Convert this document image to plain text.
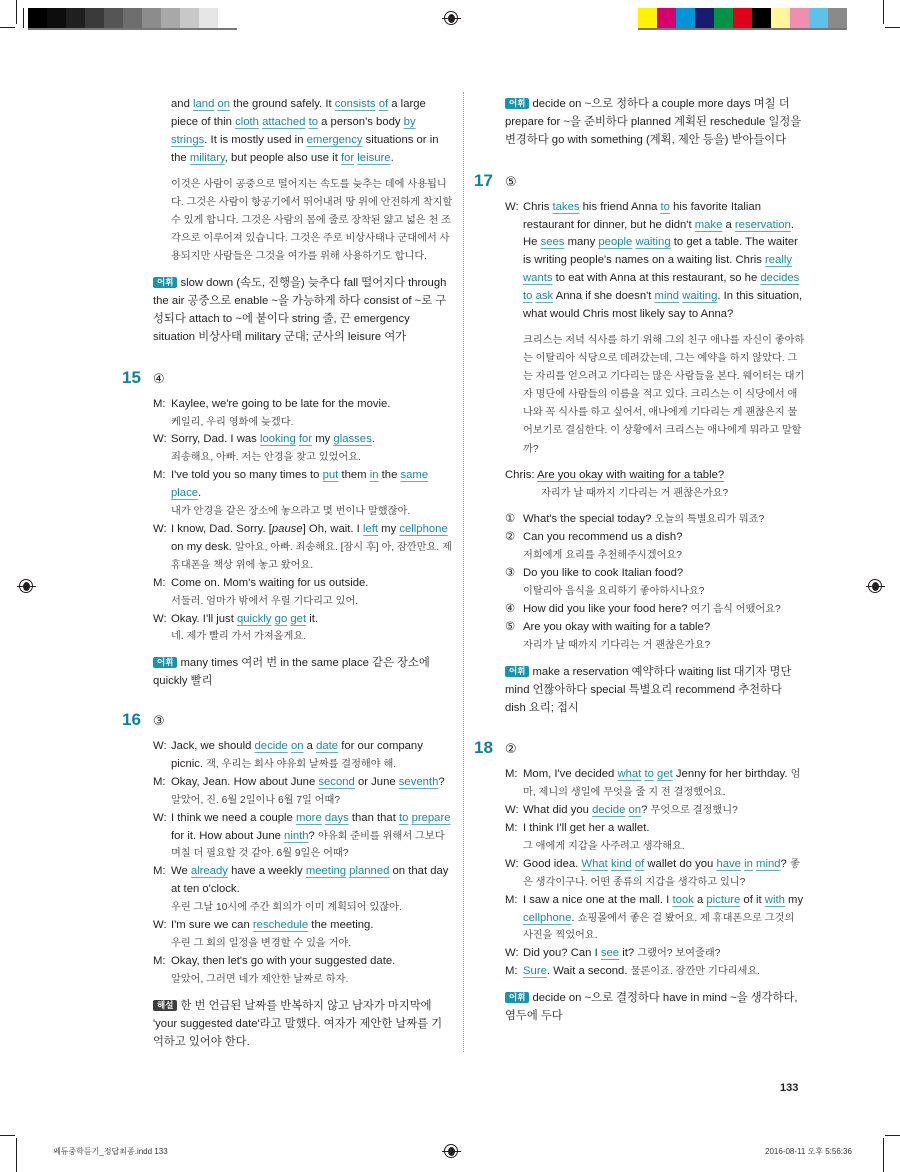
and land on the ground safely. It consists of a large piece of thin cloth attached to a person's body by strings. It is mostly used in emergency situations or in the military, but people also use it for leisure.
이것은 사람이 공중으로 떨어지는 속도를 늦추는 데에 사용됩니다. 그것은 사람이 항공기에서 뛰어내려 땅 위에 안전하게 착지할 수 있게 합니다. 그것은 사람의 몸에 줄로 장착된 얇고 넓은 천 조각으로 이루어져 있습니다. 그것은 주로 비상사태나 군대에서 사용되지만 사람들은 그것을 여가를 위해 사용하기도 합니다.
어휘 slow down (속도, 진행을) 늦추다 fall 떨어지다 through the air 공중으로 enable ~을 가능하게 하다 consist of ~로 구성되다 attach to ~에 붙이다 string 줄, 끈 emergency situation 비상사태 military 군대; 군사의 leisure 여가
15 ④
M: Kaylee, we're going to be late for the movie.
케일리, 우리 영화에 늦겠다.
W: Sorry, Dad. I was looking for my glasses.
죄송해요, 아빠. 저는 안경을 찾고 있었어요.
M: I've told you so many times to put them in the same place.
내가 안경을 같은 장소에 놓으라고 몇 번이나 말했잖아.
W: I know, Dad. Sorry. [pause] Oh, wait. I left my cellphone on my desk. 알아요, 아빠. 죄송해요. [잠시 후] 아, 잠깐만요. 제 휴대폰을 책상 위에 놓고 왔어요.
M: Come on. Mom's waiting for us outside.
서둘러. 엄마가 밖에서 우릴 기다리고 있어.
W: Okay. I'll just quickly go get it.
네. 제가 빨리 가서 가져올게요.
어휘 many times 여러 번 in the same place 같은 장소에 quickly 빨리
16 ③
W: Jack, we should decide on a date for our company picnic. 잭, 우리는 회사 야유회 날짜를 결정해야 해.
M: Okay, Jean. How about June second or June seventh? 알았어, 진. 6월 2일이나 6월 7일 어때?
W: I think we need a couple more days than that to prepare for it. How about June ninth? 야유회 준비를 위해서 그보다 며칠 더 필요할 것 같아. 6월 9일은 어때?
M: We already have a weekly meeting planned on that day at ten o'clock.
우린 그날 10시에 주간 회의가 이미 계획되어 있잖아.
W: I'm sure we can reschedule the meeting.
우린 그 회의 일정을 변경할 수 있을 거야.
M: Okay, then let's go with your suggested date.
알았어, 그러면 네가 제안한 날짜로 하자.
해설 한 번 언급된 날짜를 반복하지 않고 남자가 마지막에 'your suggested date'라고 말했다. 여자가 제안한 날짜를 기억하고 있어야 한다.
어휘 decide on ~으로 정하다 a couple more days 며칠 더 prepare for ~을 준비하다 planned 계획된 reschedule 일정을 변경하다 go with something (계획, 제안 등을) 받아들이다
17 ⑤
W: Chris takes his friend Anna to his favorite Italian restaurant for dinner, but he didn't make a reservation. He sees many people waiting to get a table. The waiter is writing people's names on a waiting list. Chris really wants to eat with Anna at this restaurant, so he decides to ask Anna if she doesn't mind waiting. In this situation, what would Chris most likely say to Anna?
크리스는 저녁 식사를 하기 위해 그의 친구 애나를 자신이 좋아하는 이탈리아 식당으로 데려갔는데, 그는 예약을 하지 않았다. 그는 자리를 얻으려고 기다리는 많은 사람들을 본다. 웨이터는 대기자 명단에 사람들의 이름을 적고 있다. 크리스는 이 식당에서 애나와 꼭 식사를 하고 싶어서, 애나에게 기다리는 게 괜찮은지 물어보기로 결심한다. 이 상황에서 크리스는 애나에게 뭐라고 말할까?
Chris: Are you okay with waiting for a table?
자리가 날 때까지 기다리는 거 괜찮은가요?
① What's the special today? 오늘의 특별요리가 뭐죠?
② Can you recommend us a dish?
저희에게 요리를 추천해주시겠어요?
③ Do you like to cook Italian food?
이탈리아 음식을 요리하기 좋아하시나요?
④ How did you like your food here? 여기 음식 어땠어요?
⑤ Are you okay with waiting for a table?
자리가 날 때까지 기다리는 거 괜찮은가요?
어휘 make a reservation 예약하다 waiting list 대기자 명단 mind 언짢아하다 special 특별요리 recommend 추천하다 dish 요리; 접시
18 ②
M: Mom, I've decided what to get Jenny for her birthday. 엄마, 제니의 생일에 무엇을 줄 지 전 결정했어요.
W: What did you decide on? 무엇으로 결정했니?
M: I think I'll get her a wallet.
그 애에게 지갑을 사주려고 생각해요.
W: Good idea. What kind of wallet do you have in mind? 좋은 생각이구나. 어떤 종류의 지갑을 생각하고 있니?
M: I saw a nice one at the mall. I took a picture of it with my cellphone. 쇼핑몰에서 좋은 걸 봤어요. 제 휴대폰으로 그것의 사진을 찍었어요.
W: Did you? Can I see it? 그랬어? 보여줄래?
M: Sure. Wait a second. 물론이죠. 잠깐만 기다리세요.
어휘 decide on ~으로 결정하다 have in mind ~을 생각하다, 염두에 두다
133
쎄듀중학듣기_정답최종.indd 133	2016-08-11 오후 5:56:36
